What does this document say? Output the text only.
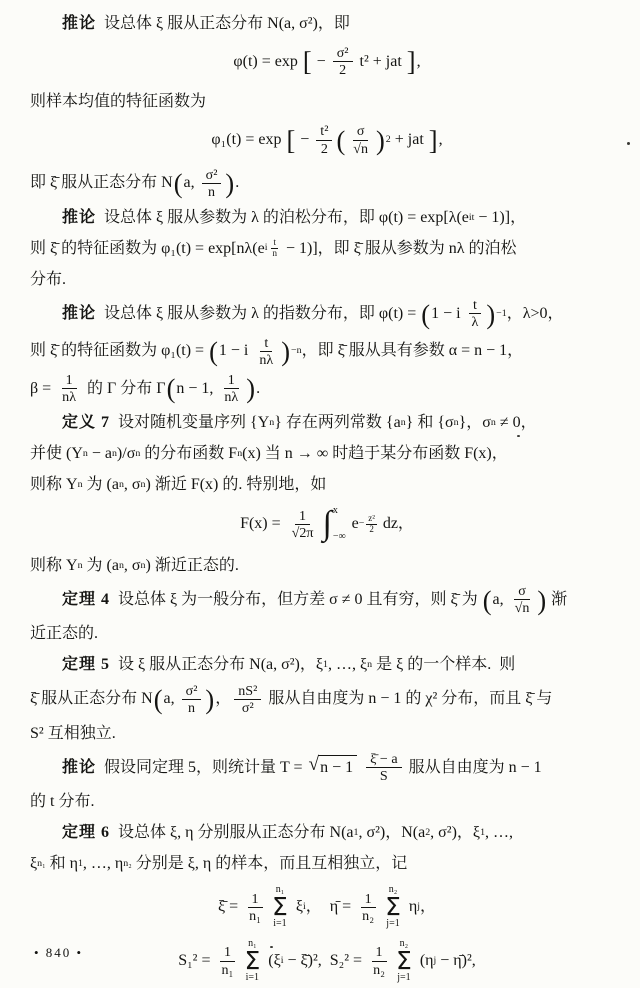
推论 设总体 ξ 服从正态分布 N(a, σ²)，即
φ(t) = exp [ − $\frac{\text{σ²}}{2} t^2$ + jat ] ,
则样本均值的特征函数为
φ₁(t) = exp [ − $\frac{\text{t²}}{2}$ ( $\frac{\sigma}{√n}$ ) 2 + jat ] ,
即 ξ̄ 服从正态分布 N ( a, $\frac{\text{σ²}}{n}$ ) .
推论 设总体 ξ 服从参数为 λ 的泊松分布，即 φ(t) = exp[λ(e it − 1)]，
则 ξ̄ 的特征函数为 φ₁(t) = exp[nλ(e i $\frac{t}{n} - 1$)]，即 ξ̄ 服从参数为 nλ 的泊松
分布.
推论 设总体 ξ 服从参数为 λ 的指数分布，即 φ(t) = ( 1 − i $\frac{t}{\lambda}$ ) −1 ，λ>0，
则 ξ̄ 的特征函数为 φ₁(t) = ( 1 − i $\frac{t}{n\lambda}$ ) −n ，即 ξ̄ 服从具有参数 α = n − 1，
$\beta = \frac{1}{n\lambda}$ 的 Γ 分布 Γ ( n − 1, $\frac{1}{n\lambda}$ ) .
定义 7 设对随机变量序列 {Y n } 存在两列常数 {a n } 和 {σ n }，σ n ≠ 0，
并使 (Y n − a n )/σ n 的分布函数 F n (x) 当 n → ∞ 时趋于某分布函数 F(x)，
则称 Y n 为 (a n , σ n ) 渐近 F(x) 的. 特别地，如
$F(x) = \frac{1}{√2\pi}$ ∫ x
−∞
$e - \frac{\text{z²}}{2}$ dz，
则称 Y n 为 (a n , σ n ) 渐近正态的.
定理 4 设总体 ξ 为一般分布，但方差 σ ≠ 0 且有穷，则 ξ̄ 为 ( a, $\frac{\sigma}{√n}$ ) 渐
近正态的.
定理 5 设 ξ 服从正态分布 N(a, σ²)，ξ 1 , …, ξ n 是 ξ 的一个样本.  则
ξ̄ 服从正态分布 N ( a, $\frac{\text{σ²}}{n}$ ) ， $\frac{\text{nS²}}{\text{σ²}}$ 服从自由度为 n − 1 的 χ² 分布，而且 ξ̄ 与
S² 互相独立.
推论 假设同定理 5，则统计量 T = √ n − 1
$\frac{\xī - a}{S}$ 服从自由度为 n − 1
的 t 分布.
定理 6 设总体 ξ, η 分别服从正态分布 N(a 1 , σ²)，N(a 2 , σ²)，ξ 1 , …,
ξ n₁ 和 η 1 , …, η n₂ 分别是 ξ, η 的样本，而且互相独立，记
ξ̄ = $\frac{1}{\text{n₁}}$
n₁
Σ
i=1
ξ i ，  η̄ = $\frac{1}{\text{n₂}}$
n₂
Σ
j=1
η j ，
$S_1^2 = \frac{1}{\text{n₁}}$
n₁
Σ
i=1
(ξ i − ξ̄)²,  $S_2^2 = \frac{1}{\text{n₂}}$
n₂
Σ
j=1
(η j − η̄)²,
• 840 •
